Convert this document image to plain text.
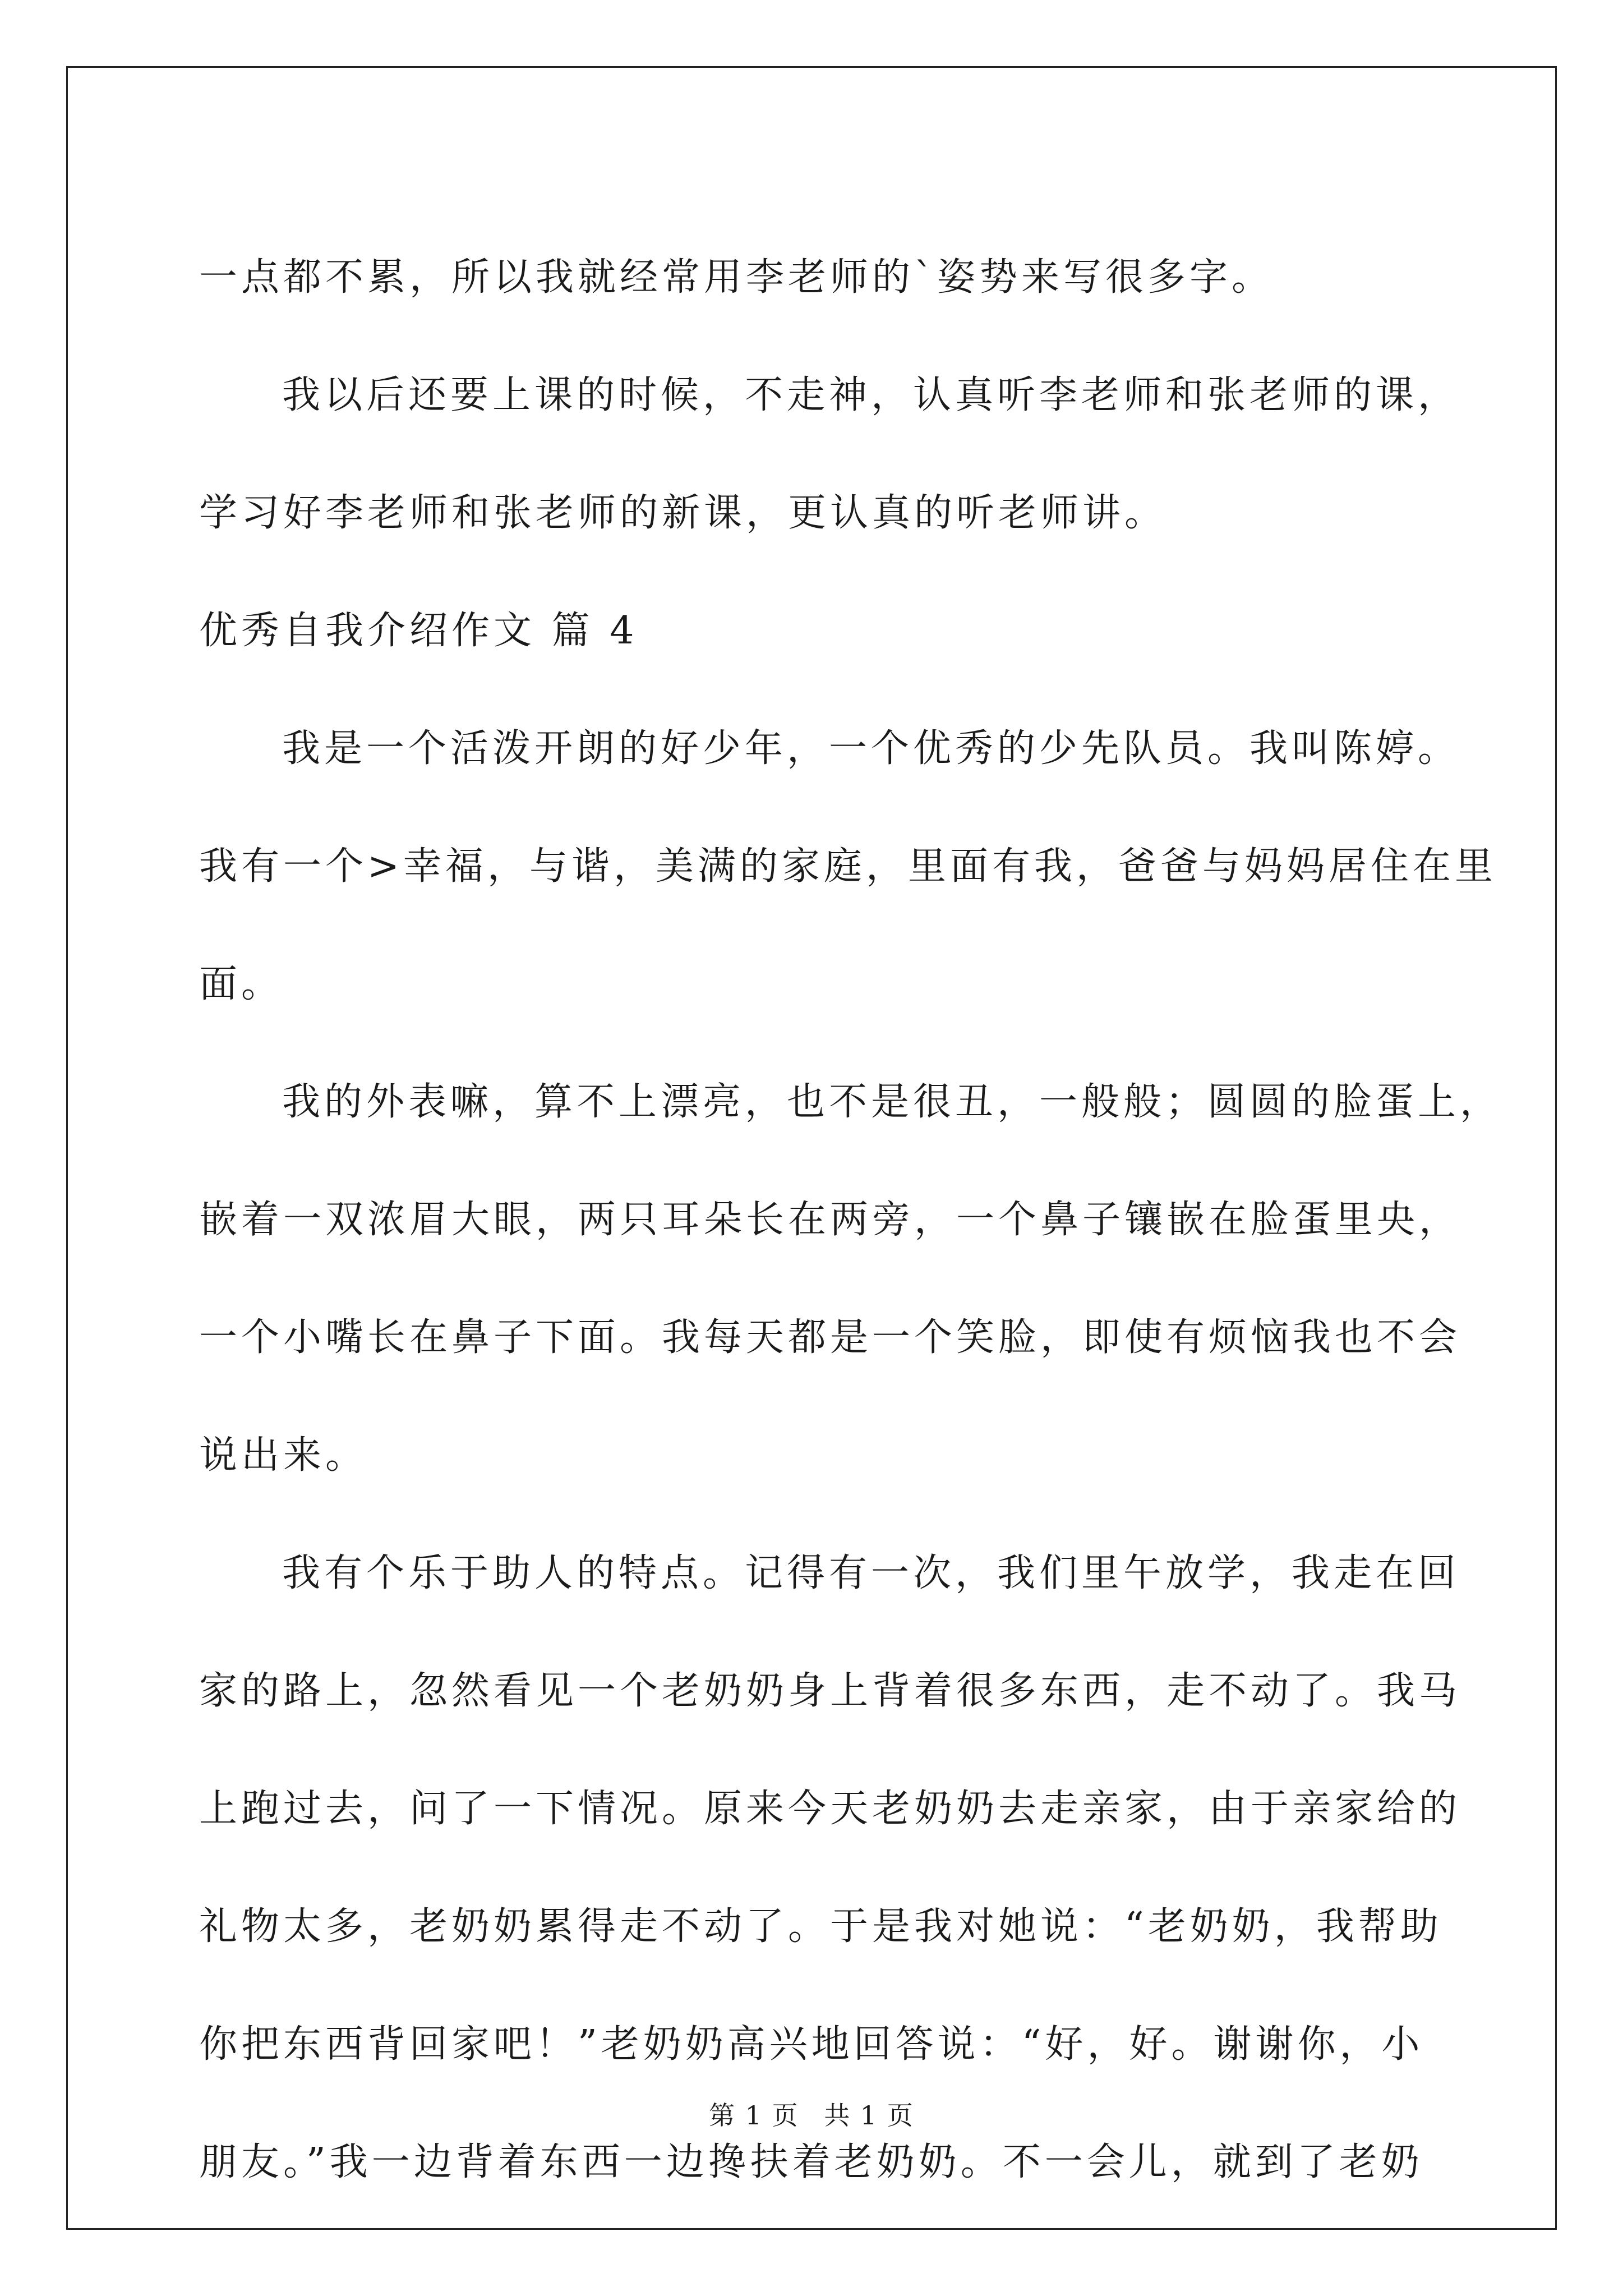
一点都不累，所以我就经常用李老师的`姿势来写很多字。
我以后还要上课的时候，不走神，认真听李老师和张老师的课，
学习好李老师和张老师的新课，更认真的听老师讲。
优秀自我介绍作文 篇 4
我是一个活泼开朗的好少年，一个优秀的少先队员。我叫陈婷。
我有一个>幸福，与谐，美满的家庭，里面有我，爸爸与妈妈居住在里
面。
我的外表嘛，算不上漂亮，也不是很丑，一般般；圆圆的脸蛋上，
嵌着一双浓眉大眼，两只耳朵长在两旁，一个鼻子镶嵌在脸蛋里央，
一个小嘴长在鼻子下面。我每天都是一个笑脸，即使有烦恼我也不会
说出来。
我有个乐于助人的特点。记得有一次，我们里午放学，我走在回
家的路上，忽然看见一个老奶奶身上背着很多东西，走不动了。我马
上跑过去，问了一下情况。原来今天老奶奶去走亲家，由于亲家给的
礼物太多，老奶奶累得走不动了。于是我对她说：“老奶奶，我帮助
你把东西背回家吧！”老奶奶高兴地回答说：“好，好。谢谢你，小
朋友。”我一边背着东西一边搀扶着老奶奶。不一会儿，就到了老奶
第 1 页 共 1 页
